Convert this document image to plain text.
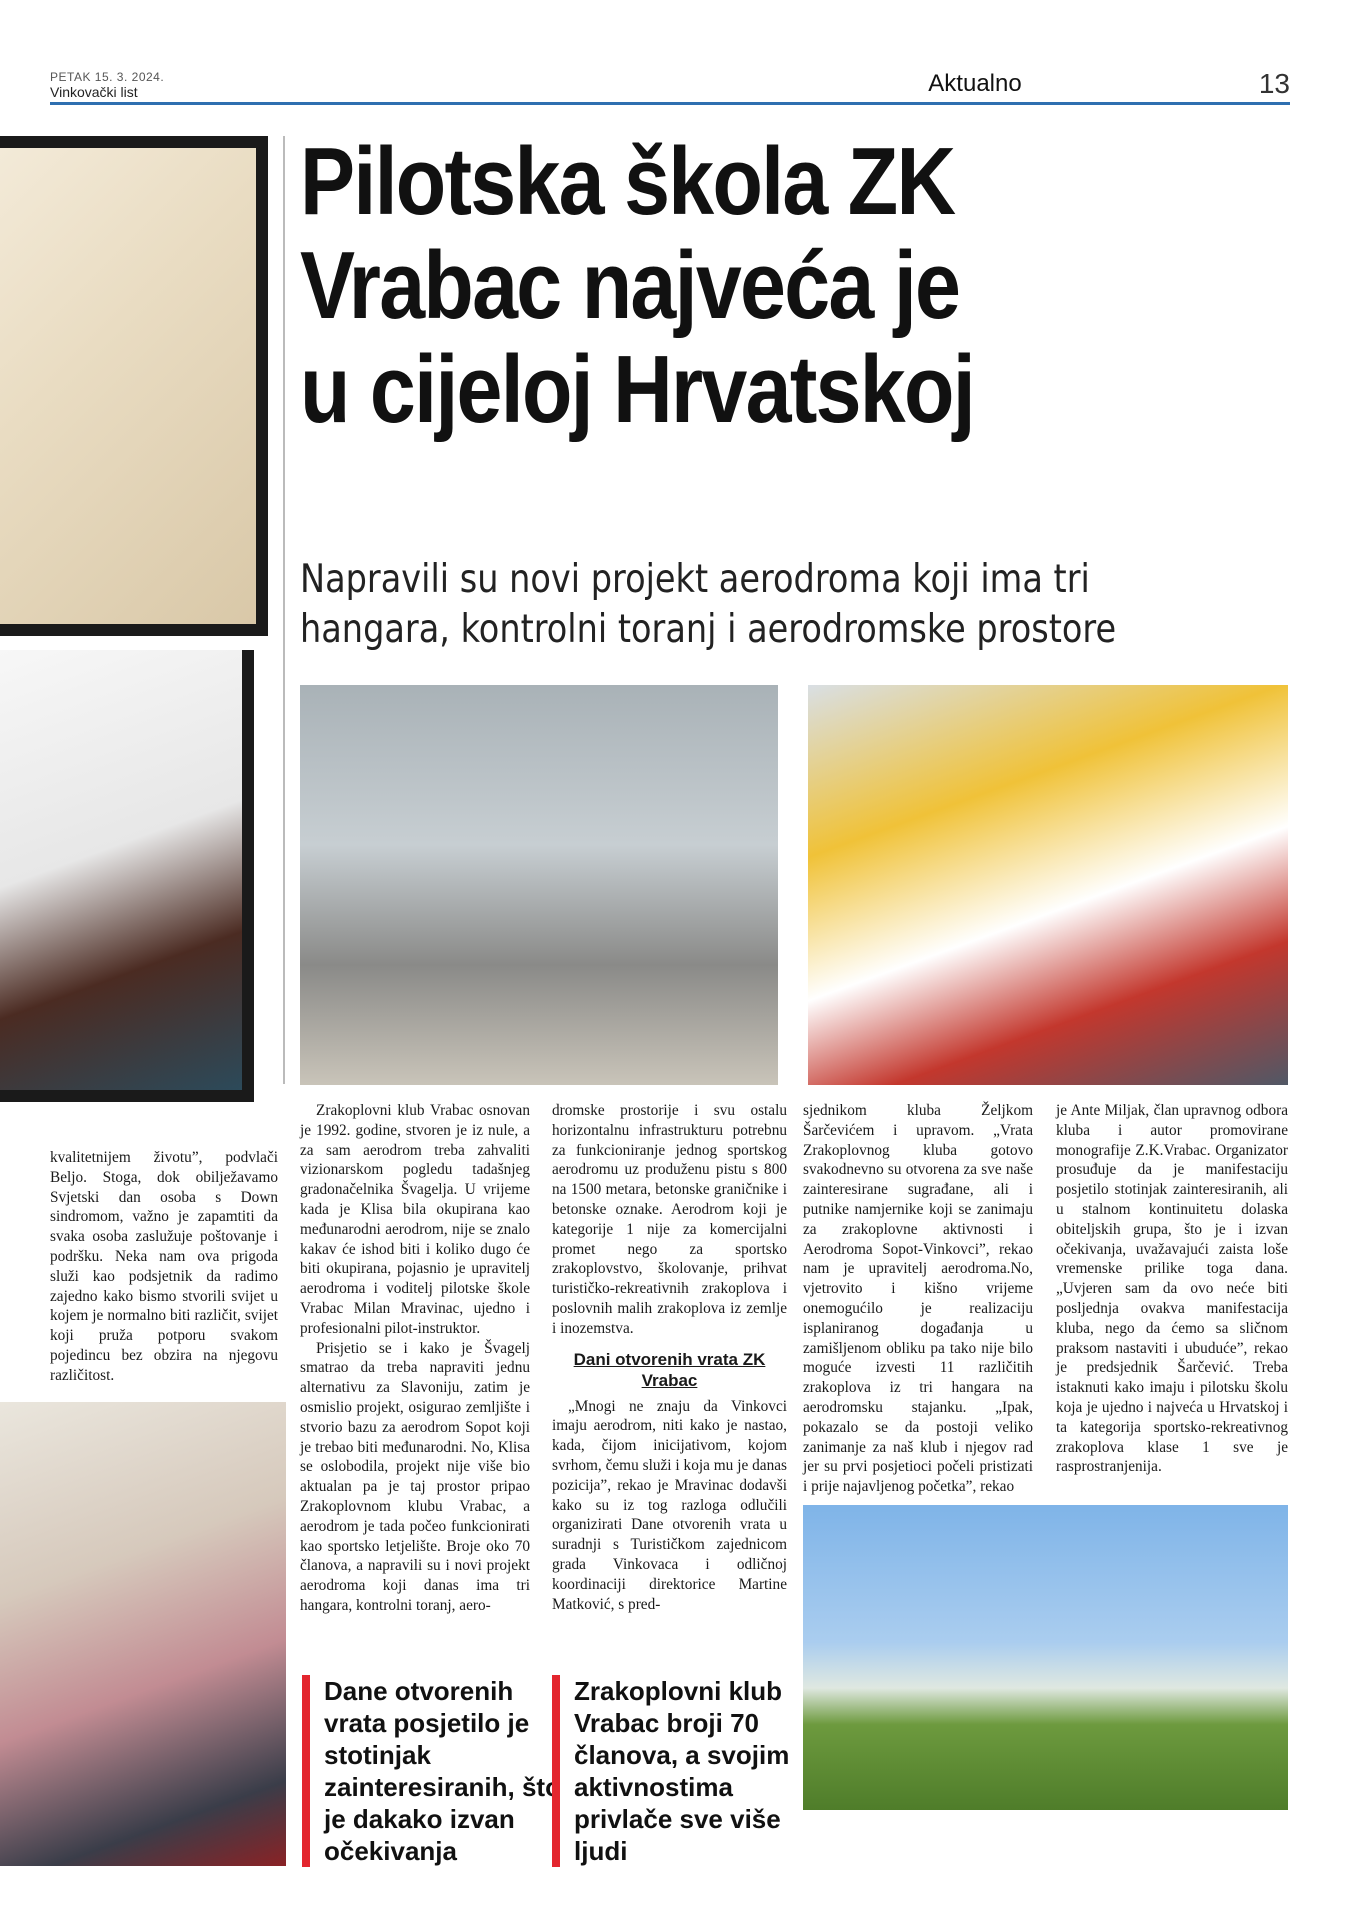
PETAK 15. 3. 2024.
Vinkovački list	Aktualno	13
Pilotska škola ZK
Vrabac najveća je
u cijeloj Hrvatskoj
Napravili su novi projekt aerodroma koji ima tri
hangara, kontrolni toranj i aerodromske prostore

kvalitetnijem životu”, podvlači Beljo. Stoga, dok obilježavamo Svjetski dan osoba s Down sindromom, važno je zapamtiti da svaka osoba zaslužuje poštovanje i podršku. Neka nam ova prigoda služi kao podsjetnik da radimo zajedno kako bismo stvorili svijet u kojem je normalno biti različit, svijet koji pruža potporu svakom pojedincu bez obzira na njegovu različitost.

Zrakoplovni klub Vrabac osnovan je 1992. godine, stvoren je iz nule, a za sam aerodrom treba zahvaliti vizionarskom pogledu tadašnjeg gradonačelnika Švagelja. U vrijeme kada je Klisa bila okupirana kao međunarodni aerodrom, nije se znalo kakav će ishod biti i koliko dugo će biti okupirana, pojasnio je upravitelj aerodroma i voditelj pilotske škole Vrabac Milan Mravinac, ujedno i profesionalni pilot-instruktor.

Prisjetio se i kako je Švagelj smatrao da treba napraviti jednu alternativu za Slavoniju, zatim je osmislio projekt, osigurao zemljište i stvorio bazu za aerodrom Sopot koji je trebao biti međunarodni. No, Klisa se oslobodila, projekt nije više bio aktualan pa je taj prostor pripao Zrakoplovnom klubu Vrabac, a aerodrom je tada počeo funkcionirati kao sportsko letjelište. Broje oko 70 članova, a napravili su i novi projekt aerodroma koji danas ima tri hangara, kontrolni toranj, aero-

dromske prostorije i svu ostalu horizontalnu infrastrukturu potrebnu za funkcioniranje jednog sportskog aerodromu uz produženu pistu s 800 na 1500 metara, betonske graničnike i betonske oznake. Aerodrom koji je kategorije 1 nije za komercijalni promet nego za sportsko zrakoplovstvo, školovanje, prihvat turističko-rekreativnih zrakoplova i poslovnih malih zrakoplova iz zemlje i inozemstva.

Dani otvorenih vrata ZK Vrabac

„Mnogi ne znaju da Vinkovci imaju aerodrom, niti kako je nastao, kada, čijom inicijativom, kojom svrhom, čemu služi i koja mu je danas pozicija”, rekao je Mravinac dodavši kako su iz tog razloga odlučili organizirati Dane otvorenih vrata u suradnji s Turističkom zajednicom grada Vinkovaca i odličnoj koordinaciji direktorice Martine Matković, s pred-

sjednikom kluba Željkom Šarčevićem i upravom. „Vrata Zrakoplovnog kluba gotovo svakodnevno su otvorena za sve naše zainteresirane sugrađane, ali i putnike namjernike koji se zanimaju za zrakoplovne aktivnosti i Aerodroma Sopot-Vinkovci”, rekao nam je upravitelj aerodroma.No, vjetrovito i kišno vrijeme onemogućilo je realizaciju isplaniranog događanja u zamišljenom obliku pa tako nije bilo moguće izvesti 11 različitih zrakoplova iz tri hangara na aerodromsku stajanku. „Ipak, pokazalo se da postoji veliko zanimanje za naš klub i njegov rad jer su prvi posjetioci počeli pristizati i prije najavljenog početka”, rekao

je Ante Miljak, član upravnog odbora kluba i autor promovirane monografije Z.K.Vrabac. Organizator prosuđuje da je manifestaciju posjetilo stotinjak zainteresiranih, ali u stalnom kontinuitetu dolaska obiteljskih grupa, što je i izvan očekivanja, uvažavajući zaista loše vremenske prilike toga dana. „Uvjeren sam da ovo neće biti posljednja ovakva manifestacija kluba, nego da ćemo sa sličnom praksom nastaviti i ubuduće”, rekao je predsjednik Šarčević. Treba istaknuti kako imaju i pilotsku školu koja je ujedno i najveća u Hrvatskoj i ta kategorija sportsko-rekreativnog zrakoplova klase 1 sve je rasprostranjenija.

Dane otvorenih vrata posjetilo je stotinjak zainteresiranih, što je dakako izvan očekivanja
Zrakoplovni klub Vrabac broji 70 članova, a svojim aktivnostima privlače sve više ljudi
